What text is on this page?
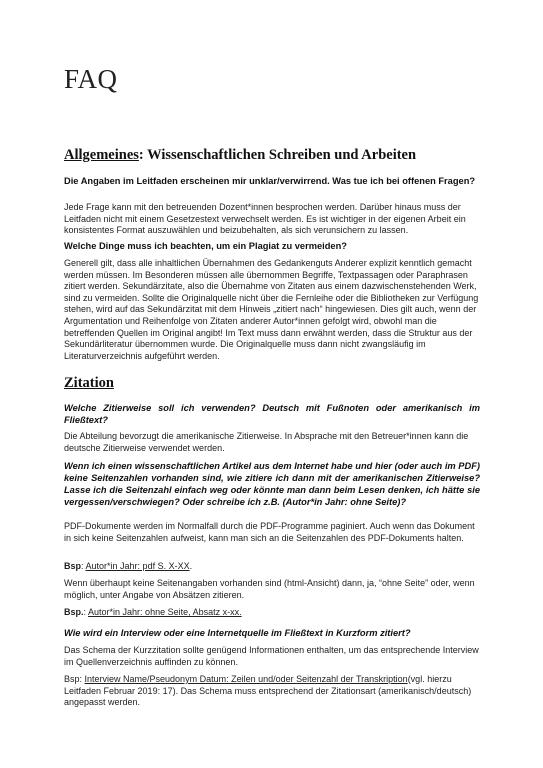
FAQ
Allgemeines: Wissenschaftlichen Schreiben und Arbeiten
Die Angaben im Leitfaden erscheinen mir unklar/verwirrend. Was tue ich bei offenen Fragen?
Jede Frage kann mit den betreuenden Dozent*innen besprochen werden. Darüber hinaus muss der Leitfaden nicht mit einem Gesetzestext verwechselt werden. Es ist wichtiger in der eigenen Arbeit ein konsistentes Format auszuwählen und beizubehalten, als sich verunsichern zu lassen.
Welche Dinge muss ich beachten, um ein Plagiat zu vermeiden?
Generell gilt, dass alle inhaltlichen Übernahmen des Gedankenguts Anderer explizit kenntlich gemacht werden müssen. Im Besonderen müssen alle übernommen Begriffe, Textpassagen oder Paraphrasen zitiert werden. Sekundärzitate, also die Übernahme von Zitaten aus einem dazwischenstehenden Werk, sind zu vermeiden. Sollte die Originalquelle nicht über die Fernleihe oder die Bibliotheken zur Verfügung stehen, wird auf das Sekundärzitat mit dem Hinweis „zitiert nach“ hingewiesen. Dies gilt auch, wenn der Argumentation und Reihenfolge von Zitaten anderer Autor*innen gefolgt wird, obwohl man die betreffenden Quellen im Original angibt! Im Text muss dann erwähnt werden, dass die Struktur aus der Sekundärliteratur übernommen wurde. Die Originalquelle muss dann nicht zwangsläufig im Literaturverzeichnis aufgeführt werden.
Zitation
Welche Zitierweise soll ich verwenden? Deutsch mit Fußnoten oder amerikanisch im Fließtext?
Die Abteilung bevorzugt die amerikanische Zitierweise. In Absprache mit den Betreuer*innen kann die deutsche Zitierweise verwendet werden.
Wenn ich einen wissenschaftlichen Artikel aus dem Internet habe und hier (oder auch im PDF) keine Seitenzahlen vorhanden sind, wie zitiere ich dann mit der amerikanischen Zitierweise? Lasse ich die Seitenzahl einfach weg oder könnte man dann beim Lesen denken, ich hätte sie vergessen/verschwiegen? Oder schreibe ich z.B. (Autor*in Jahr: ohne Seite)?
PDF-Dokumente werden im Normalfall durch die PDF-Programme paginiert. Auch wenn das Dokument in sich keine Seitenzahlen aufweist, kann man sich an die Seitenzahlen des PDF-Dokuments halten.
Bsp: Autor*in Jahr: pdf S. X-XX.
Wenn überhaupt keine Seitenangaben vorhanden sind (html-Ansicht) dann, ja, “ohne Seite” oder, wenn möglich, unter Angabe von Absätzen zitieren.
Bsp.: Autor*in Jahr: ohne Seite, Absatz x-xx.
Wie wird ein Interview oder eine Internetquelle im Fließtext in Kurzform zitiert?
Das Schema der Kurzzitation sollte genügend Informationen enthalten, um das entsprechende Interview im Quellenverzeichnis auffinden zu können.
Bsp: Interview Name/Pseudonym Datum: Zeilen und/oder Seitenzahl der Transkription(vgl. hierzu Leitfaden Februar 2019: 17). Das Schema muss entsprechend der Zitationsart (amerikanisch/deutsch) angepasst werden.
